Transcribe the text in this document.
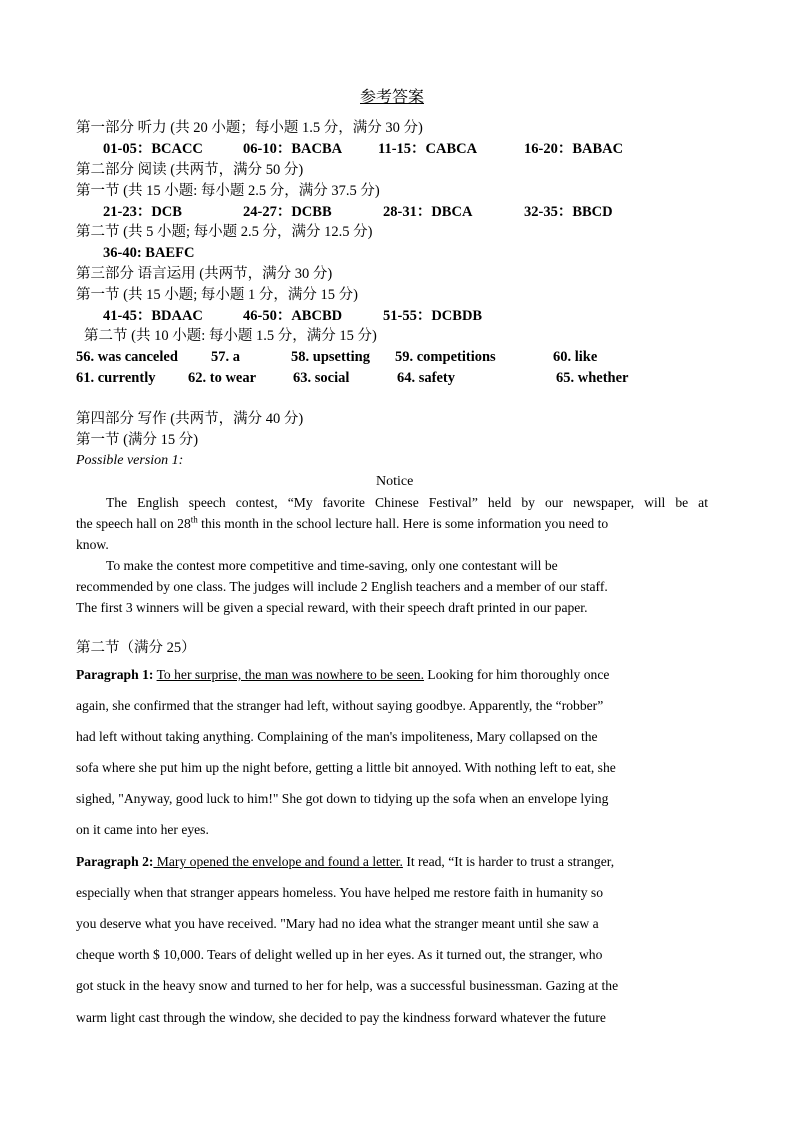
参考答案
第一部分 听力 (共 20 小题；每小题 1.5 分，满分 30 分)
01-05：BCACC	06-10：BACBA 11-15：CABCA	16-20：BABAC
第二部分 阅读 (共两节，满分 50 分)
第一节 (共 15 小题: 每小题 2.5 分，满分 37.5 分)
21-23：DCB	24-27：DCBB	28-31：DBCA	32-35：BBCD
第二节 (共 5 小题; 每小题 2.5 分，满分 12.5 分)
36-40: BAEFC
第三部分 语言运用 (共两节，满分 30 分)
第一节 (共 15 小题; 每小题 1 分，满分 15 分)
41-45：BDAAC	46-50：ABCBD	51-55：DCBDB
第二节 (共 10 小题: 每小题 1.5 分，满分 15 分)
56. was canceled 57. a	58. upsetting 59. competitions	60. like
61. currently 62. to wear	63. social	64. safety	65. whether
第四部分 写作 (共两节，满分 40 分)
第一节 (满分 15 分)
Possible version 1:
Notice
The English speech contest, “My favorite Chinese Festival” held by our newspaper, will be at
the speech hall on 28th this month in the school lecture hall. Here is some information you need to
know.
To make the contest more competitive and time-saving, only one contestant will be
recommended by one class. The judges will include 2 English teachers and a member of our staff.
The first 3 winners will be given a special reward, with their speech draft printed in our paper.
第二节（满分 25）
Paragraph 1: To her surprise, the man was nowhere to be seen. Looking for him thoroughly once
again, she confirmed that the stranger had left, without saying goodbye. Apparently, the “robber”
had left without taking anything. Complaining of the man's impoliteness, Mary collapsed on the
sofa where she put him up the night before, getting a little bit annoyed. With nothing left to eat, she
sighed, "Anyway, good luck to him!" She got down to tidying up the sofa when an envelope lying
on it came into her eyes.
Paragraph 2: Mary opened the envelope and found a letter. It read, “It is harder to trust a stranger,
especially when that stranger appears homeless. You have helped me restore faith in humanity so
you deserve what you have received. "Mary had no idea what the stranger meant until she saw a
cheque worth $ 10,000. Tears of delight welled up in her eyes. As it turned out, the stranger, who
got stuck in the heavy snow and turned to her for help, was a successful businessman. Gazing at the
warm light cast through the window, she decided to pay the kindness forward whatever the future
